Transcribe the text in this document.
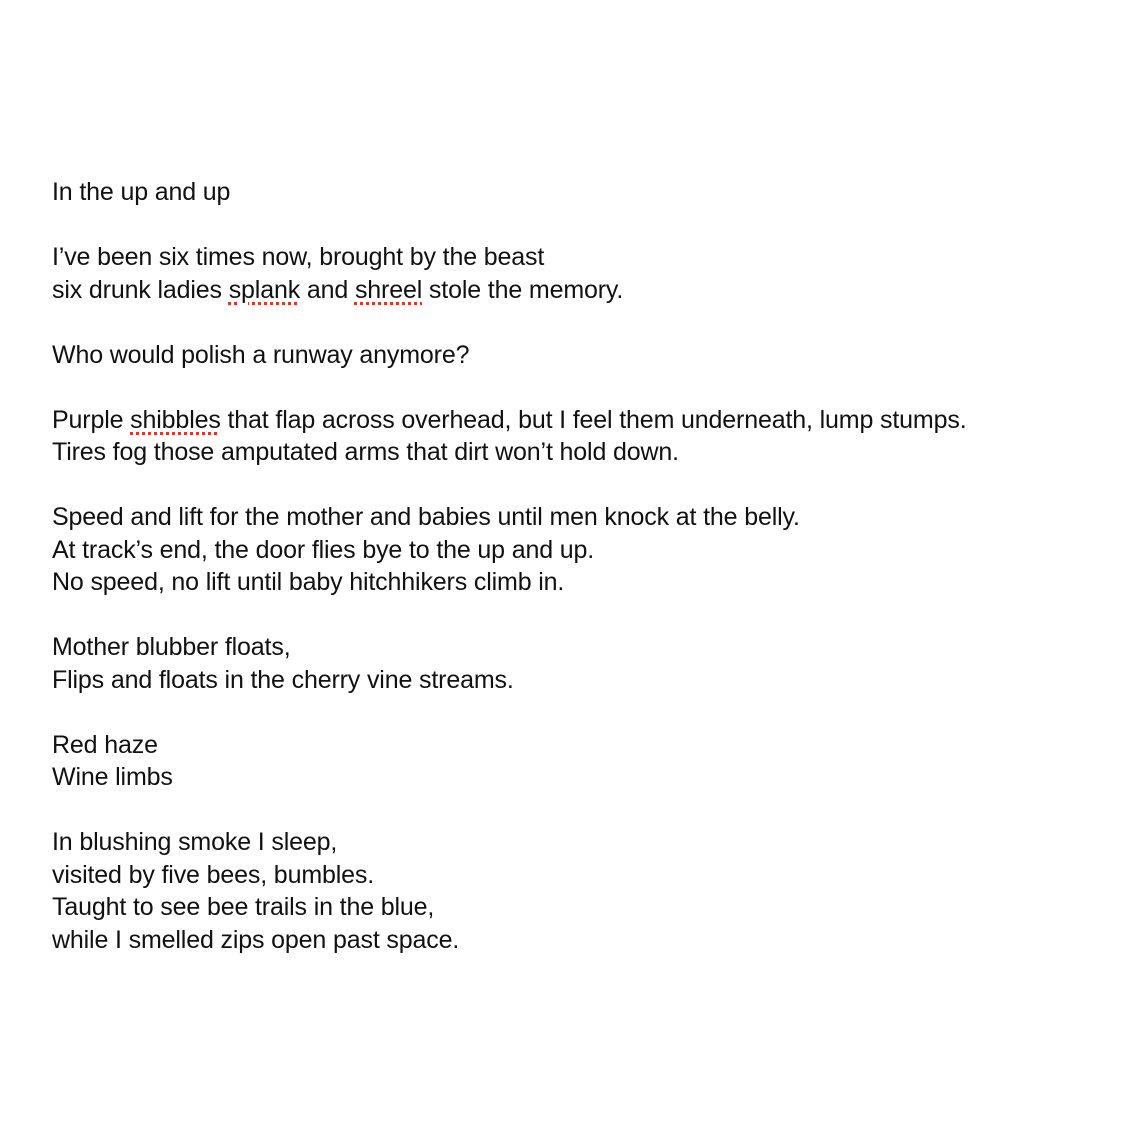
In the up and up
I’ve been six times now, brought by the beast
six drunk ladies splank and shreel stole the memory.
Who would polish a runway anymore?
Purple shibbles that flap across overhead, but I feel them underneath, lump stumps.
Tires fog those amputated arms that dirt won’t hold down.
Speed and lift for the mother and babies until men knock at the belly.
At track’s end, the door flies bye to the up and up.
No speed, no lift until baby hitchhikers climb in.
Mother blubber floats,
Flips and floats in the cherry vine streams.
Red haze
Wine limbs
In blushing smoke I sleep,
visited by five bees, bumbles.
Taught to see bee trails in the blue,
while I smelled zips open past space.
